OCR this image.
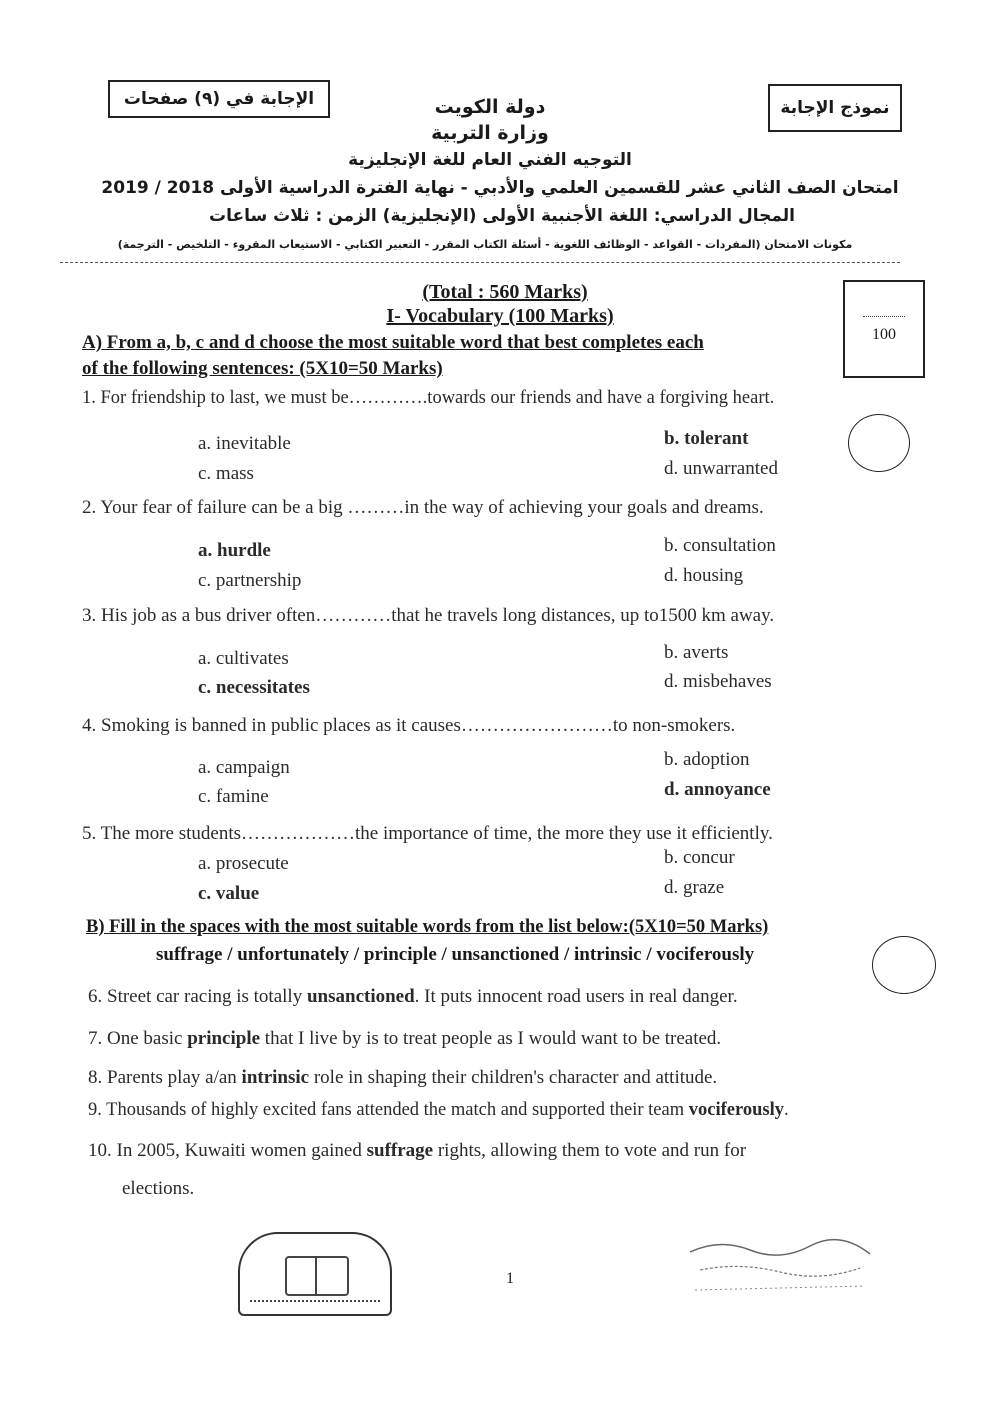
الإجابة في (٩) صفحات	نموذج الإجابة
دولة الكويت
وزارة التربية
التوجيه الفني العام للغة الإنجليزية
امتحان الصف الثاني عشر للقسمين العلمي والأدبي - نهاية الفترة الدراسية الأولى 2018 / 2019
المجال الدراسي: اللغة الأجنبية الأولى (الإنجليزية) الزمن : ثلاث ساعات
مكونات الامتحان (المفردات - القواعد - الوظائف اللغوية - أسئلة الكتاب المقرر - التعبير الكتابي - الاستيعاب المقروء - التلخيص - الترجمة)
(Total : 560 Marks)
I- Vocabulary (100 Marks)
100
A) From a, b, c and d choose the most suitable word that best completes each
of the following sentences: (5X10=50 Marks)
1. For friendship to last, we must be………….towards our friends and have a forgiving heart.
a. inevitable	b. tolerant
c. mass	d. unwarranted
2. Your fear of failure can be a big ………in the way of achieving your goals and dreams.
a. hurdle	b. consultation
c. partnership	d. housing
3. His job as a bus driver often…………that he travels long distances, up to1500 km away.
a. cultivates	b. averts
c. necessitates	d. misbehaves
4. Smoking is banned in public places as it causes……………………to non-smokers.
a. campaign	b. adoption
c. famine	d. annoyance
5. The more students………………the importance of time, the more they use it efficiently.
a. prosecute	b. concur
c. value	d. graze
B) Fill in the spaces with the most suitable words from the list below:(5X10=50 Marks)
suffrage / unfortunately / principle / unsanctioned / intrinsic / vociferously
6. Street car racing is totally unsanctioned. It puts innocent road users in real danger.
7. One basic principle that I live by is to treat people as I would want to be treated.
8. Parents play a/an intrinsic role in shaping their children's character and attitude.
9. Thousands of highly excited fans attended the match and supported their team vociferously.
10. In 2005, Kuwaiti women gained suffrage rights, allowing them to vote and run for
elections.
1
